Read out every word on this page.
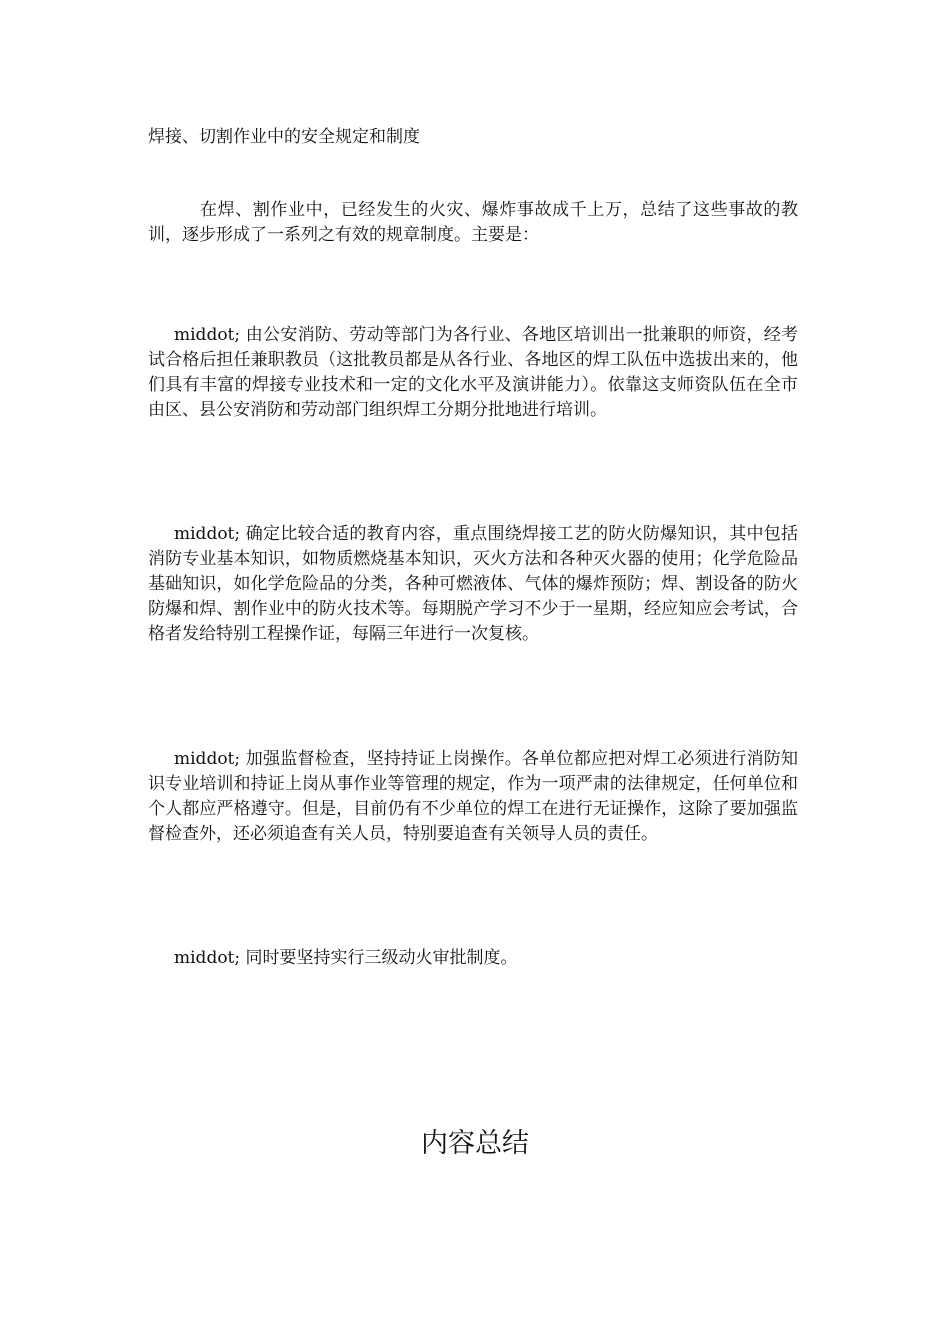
焊接、切割作业中的安全规定和制度

在焊、割作业中，已经发生的火灾、爆炸事故成千上万，总结了这些事故的教训，逐步形成了一系列之有效的规章制度。主要是：

middot; 由公安消防、劳动等部门为各行业、各地区培训出一批兼职的师资，经考试合格后担任兼职教员（这批教员都是从各行业、各地区的焊工队伍中选拔出来的，他们具有丰富的焊接专业技术和一定的文化水平及演讲能力）。依靠这支师资队伍在全市由区、县公安消防和劳动部门组织焊工分期分批地进行培训。

middot; 确定比较合适的教育内容，重点围绕焊接工艺的防火防爆知识，其中包括消防专业基本知识，如物质燃烧基本知识，灭火方法和各种灭火器的使用；化学危险品基础知识，如化学危险品的分类，各种可燃液体、气体的爆炸预防；焊、割设备的防火防爆和焊、割作业中的防火技术等。每期脱产学习不少于一星期，经应知应会考试，合格者发给特别工程操作证，每隔三年进行一次复核。

middot; 加强监督检查，坚持持证上岗操作。各单位都应把对焊工必须进行消防知识专业培训和持证上岗从事作业等管理的规定，作为一项严肃的法律规定，任何单位和个人都应严格遵守。但是，目前仍有不少单位的焊工在进行无证操作，这除了要加强监督检查外，还必须追查有关人员，特别要追查有关领导人员的责任。

middot; 同时要坚持实行三级动火审批制度。

内容总结
